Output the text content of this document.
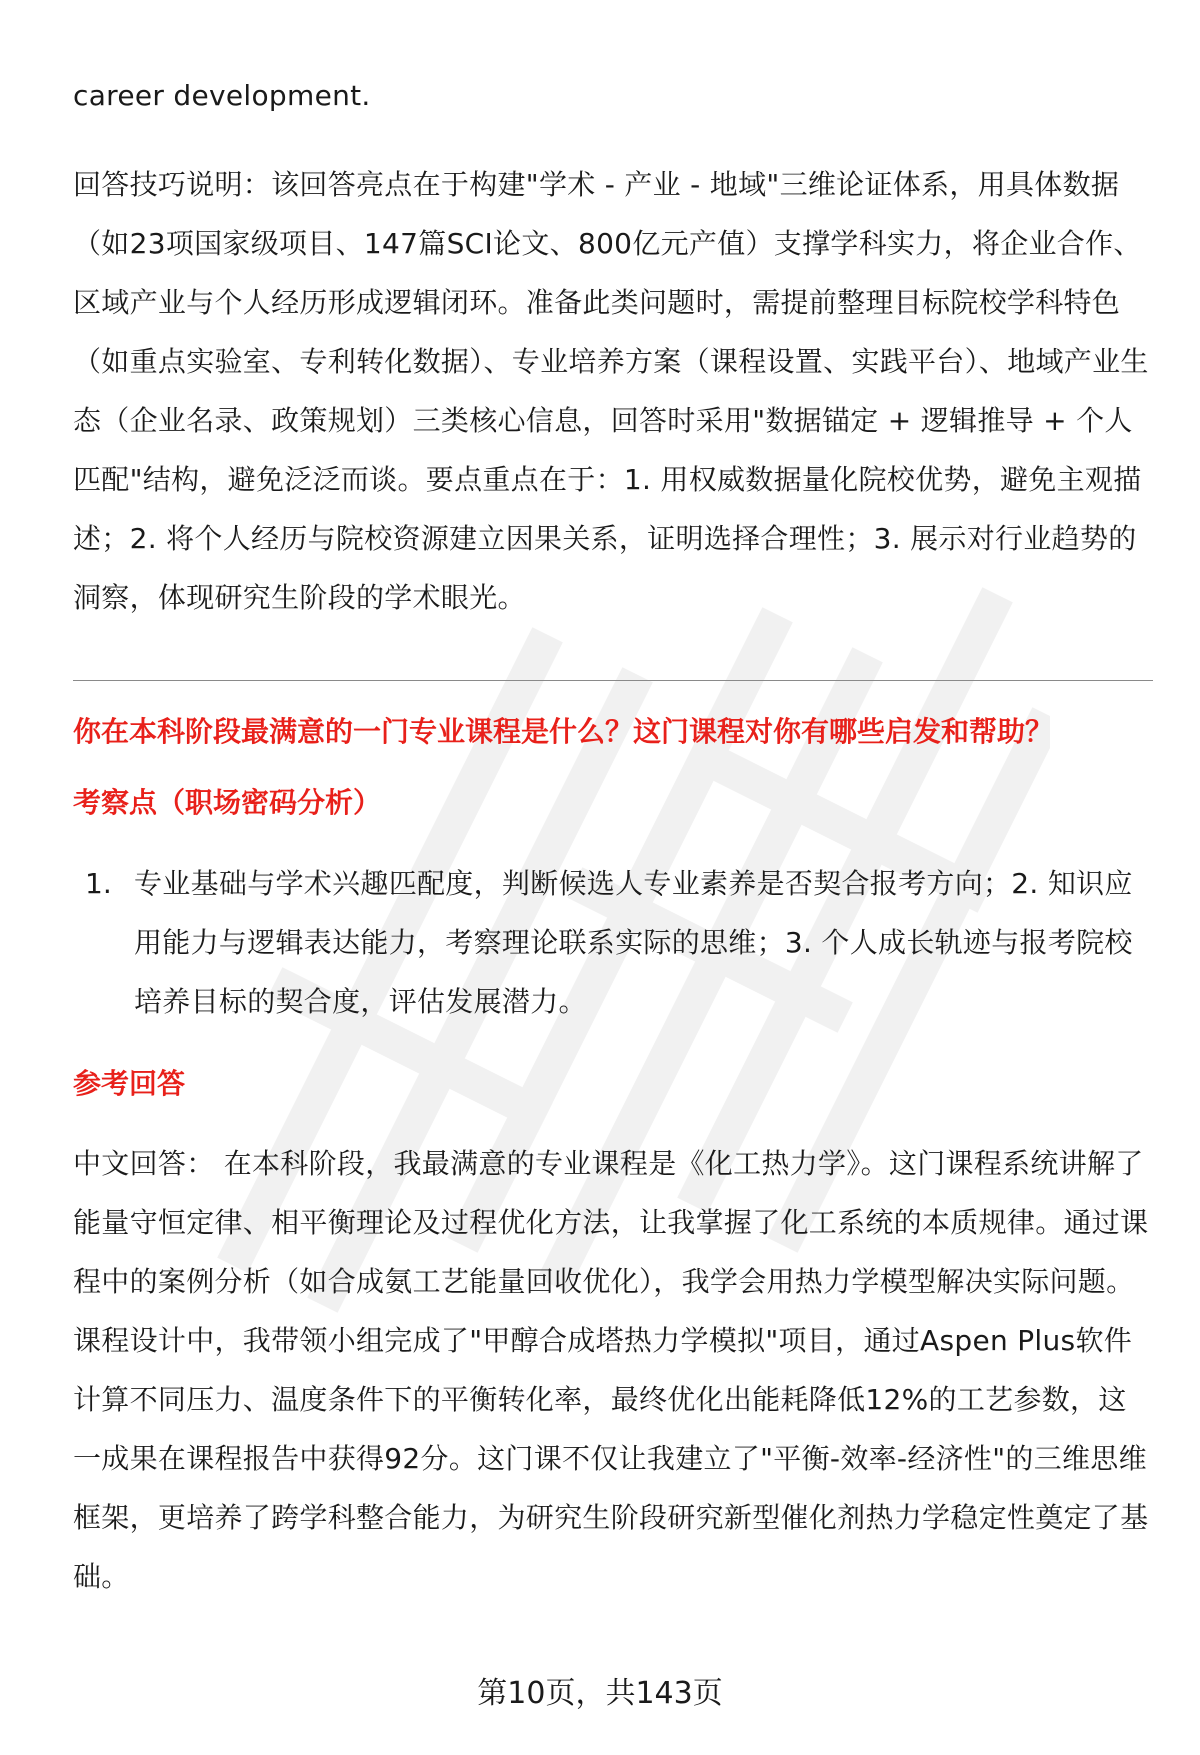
career development.

回答技巧说明：该回答亮点在于构建"学术 - 产业 - 地域"三维论证体系，用具体数据（如23项国家级项目、147篇SCI论文、800亿元产值）支撑学科实力，将企业合作、区域产业与个人经历形成逻辑闭环。准备此类问题时，需提前整理目标院校学科特色（如重点实验室、专利转化数据）、专业培养方案（课程设置、实践平台）、地域产业生态（企业名录、政策规划）三类核心信息，回答时采用"数据锚定 + 逻辑推导 + 个人匹配"结构，避免泛泛而谈。要点重点在于：1. 用权威数据量化院校优势，避免主观描述；2. 将个人经历与院校资源建立因果关系，证明选择合理性；3. 展示对行业趋势的洞察，体现研究生阶段的学术眼光。

你在本科阶段最满意的一门专业课程是什么？这门课程对你有哪些启发和帮助？

考察点（职场密码分析）

1. 专业基础与学术兴趣匹配度，判断候选人专业素养是否契合报考方向；2. 知识应用能力与逻辑表达能力，考察理论联系实际的思维；3. 个人成长轨迹与报考院校培养目标的契合度，评估发展潜力。

参考回答

中文回答： 在本科阶段，我最满意的专业课程是《化工热力学》。这门课程系统讲解了能量守恒定律、相平衡理论及过程优化方法，让我掌握了化工系统的本质规律。通过课程中的案例分析（如合成氨工艺能量回收优化），我学会用热力学模型解决实际问题。课程设计中，我带领小组完成了"甲醇合成塔热力学模拟"项目，通过Aspen Plus软件计算不同压力、温度条件下的平衡转化率，最终优化出能耗降低12%的工艺参数，这一成果在课程报告中获得92分。这门课不仅让我建立了"平衡-效率-经济性"的三维思维框架，更培养了跨学科整合能力，为研究生阶段研究新型催化剂热力学稳定性奠定了基础。

第10页，共143页
